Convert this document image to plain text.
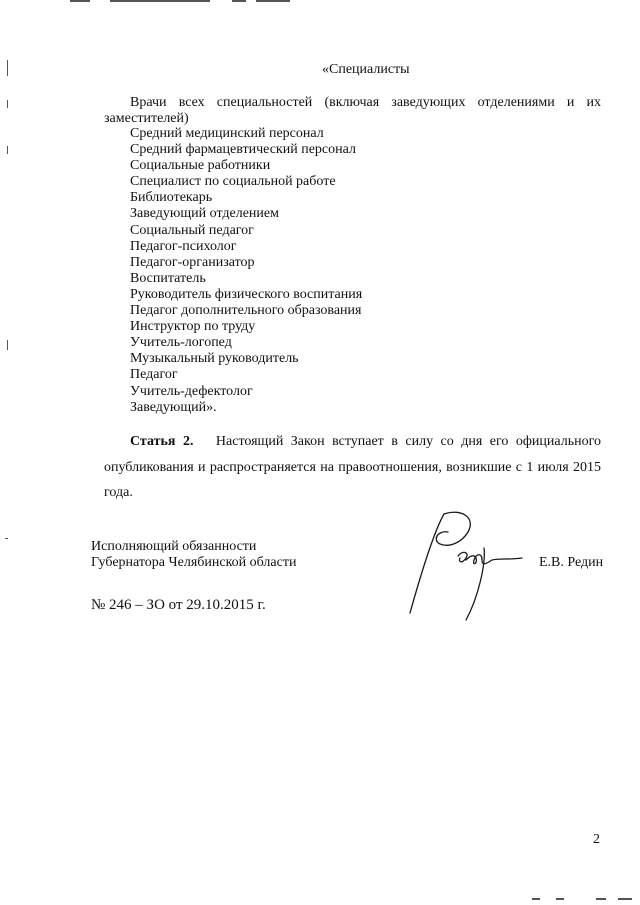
«Специалисты

Врачи всех специальностей (включая заведующих отделениями и их заместителей)

Средний медицинский персонал
Средний фармацевтический персонал
Социальные работники
Специалист по социальной работе
Библиотекарь
Заведующий отделением
Социальный педагог
Педагог-психолог
Педагог-организатор
Воспитатель
Руководитель физического воспитания
Педагог дополнительного образования
Инструктор по труду
Учитель-логопед
Музыкальный руководитель
Педагог
Учитель-дефектолог
Заведующий».

Статья 2. Настоящий Закон вступает в силу со дня его официального опубликования и распространяется на правоотношения, возникшие с 1 июля 2015 года.

Исполняющий обязанности
Губернатора Челябинской области	Е.В. Редин
№ 246 – ЗО от 29.10.2015 г.
2
